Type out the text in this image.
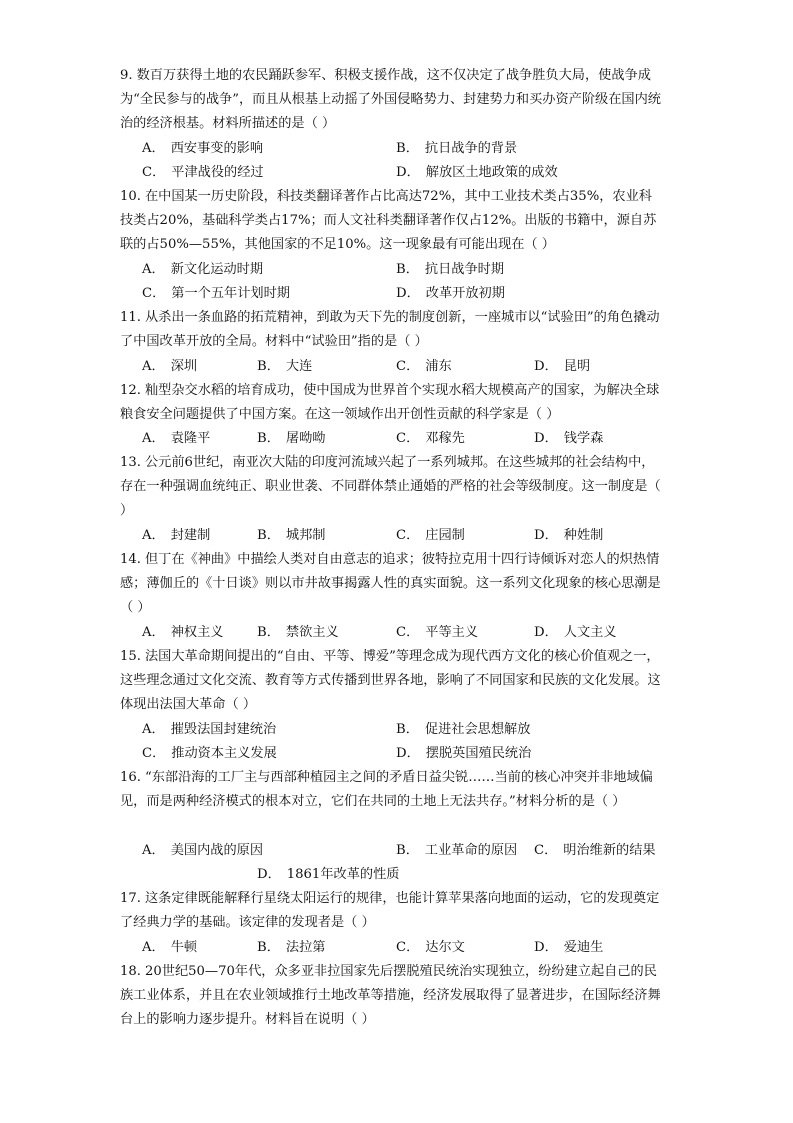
9. 数百万获得土地的农民踊跃参军、积极支援作战，这不仅决定了战争胜负大局，使战争成为“全民参与的战争”，而且从根基上动摇了外国侵略势力、封建势力和买办资产阶级在国内统治的经济根基。材料所描述的是（ ）

A． 西安事变的影响	B． 抗日战争的背景
C． 平津战役的经过	D． 解放区土地政策的成效

10. 在中国某一历史阶段，科技类翻译著作占比高达72%，其中工业技术类占35%，农业科技类占20%，基础科学类占17%；而人文社科类翻译著作仅占12%。出版的书籍中，源自苏联的占50%—55%，其他国家的不足10%。这一现象最有可能出现在（ ）

A． 新文化运动时期	B． 抗日战争时期
C． 第一个五年计划时期	D． 改革开放初期

11. 从杀出一条血路的拓荒精神，到敢为天下先的制度创新，一座城市以“试验田”的角色撬动了中国改革开放的全局。材料中“试验田”指的是（ ）

A． 深圳	B． 大连	C． 浦东	D． 昆明

12. 籼型杂交水稻的培育成功，使中国成为世界首个实现水稻大规模高产的国家，为解决全球粮食安全问题提供了中国方案。在这一领域作出开创性贡献的科学家是（ ）

A． 袁隆平	B． 屠呦呦	C． 邓稼先	D． 钱学森

13. 公元前6世纪，南亚次大陆的印度河流域兴起了一系列城邦。在这些城邦的社会结构中，存在一种强调血统纯正、职业世袭、不同群体禁止通婚的严格的社会等级制度。这一制度是（ ）

A． 封建制	B． 城邦制	C． 庄园制	D． 种姓制

14. 但丁在《神曲》中描绘人类对自由意志的追求；彼特拉克用十四行诗倾诉对恋人的炽热情感；薄伽丘的《十日谈》则以市井故事揭露人性的真实面貌。这一系列文化现象的核心思潮是（ ）

A． 神权主义	B． 禁欲主义	C． 平等主义	D． 人文主义

15. 法国大革命期间提出的“自由、平等、博爱”等理念成为现代西方文化的核心价值观之一，这些理念通过文化交流、教育等方式传播到世界各地，影响了不同国家和民族的文化发展。这体现出法国大革命（ ）

A． 摧毁法国封建统治	B． 促进社会思想解放
C． 推动资本主义发展	D． 摆脱英国殖民统治

16. “东部沿海的工厂主与西部种植园主之间的矛盾日益尖锐……当前的核心冲突并非地域偏见，而是两种经济模式的根本对立，它们在共同的土地上无法共存。”材料分析的是（ ）

A． 美国内战的原因	B． 工业革命的原因 C． 明治维新的结果
D． 1861年改革的性质

17. 这条定律既能解释行星绕太阳运行的规律，也能计算苹果落向地面的运动，它的发现奠定了经典力学的基础。该定律的发现者是（ ）

A． 牛顿	B． 法拉第	C． 达尔文	D． 爱迪生

18. 20世纪50—70年代，众多亚非拉国家先后摆脱殖民统治实现独立，纷纷建立起自己的民族工业体系，并且在农业领域推行土地改革等措施，经济发展取得了显著进步，在国际经济舞台上的影响力逐步提升。材料旨在说明（ ）
